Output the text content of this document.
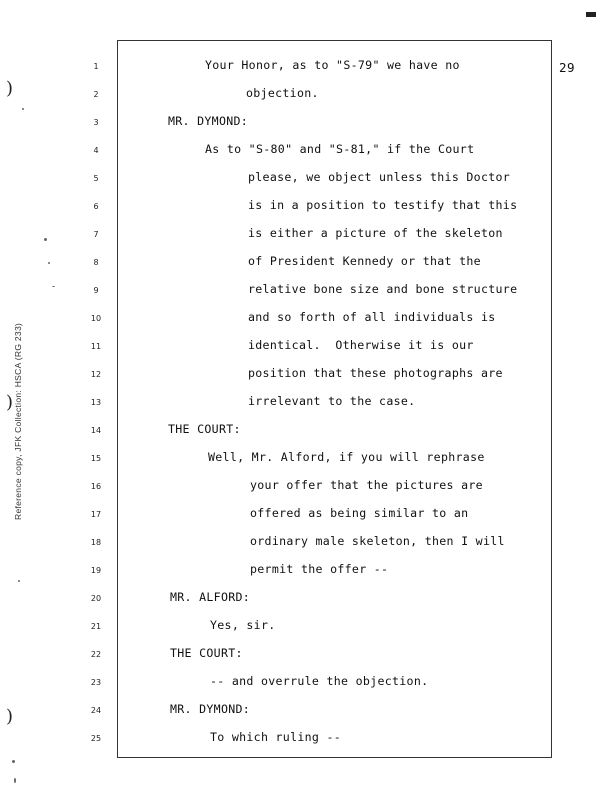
29
Reference copy, JFK Collection: HSCA (RG 233)
)
)
)
1	Your Honor, as to "S-79" we have no
2	objection.
3	MR. DYMOND:
4	As to "S-80" and "S-81," if the Court
5	please, we object unless this Doctor
6	is in a position to testify that this
7	is either a picture of the skeleton
8	of President Kennedy or that the
9	relative bone size and bone structure
10	and so forth of all individuals is
11	identical.  Otherwise it is our
12	position that these photographs are
13	irrelevant to the case.
14	THE COURT:
15	Well, Mr. Alford, if you will rephrase
16	your offer that the pictures are
17	offered as being similar to an
18	ordinary male skeleton, then I will
19	permit the offer --
20	MR. ALFORD:
21	Yes, sir.
22	THE COURT:
23	-- and overrule the objection.
24	MR. DYMOND:
25	To which ruling --
